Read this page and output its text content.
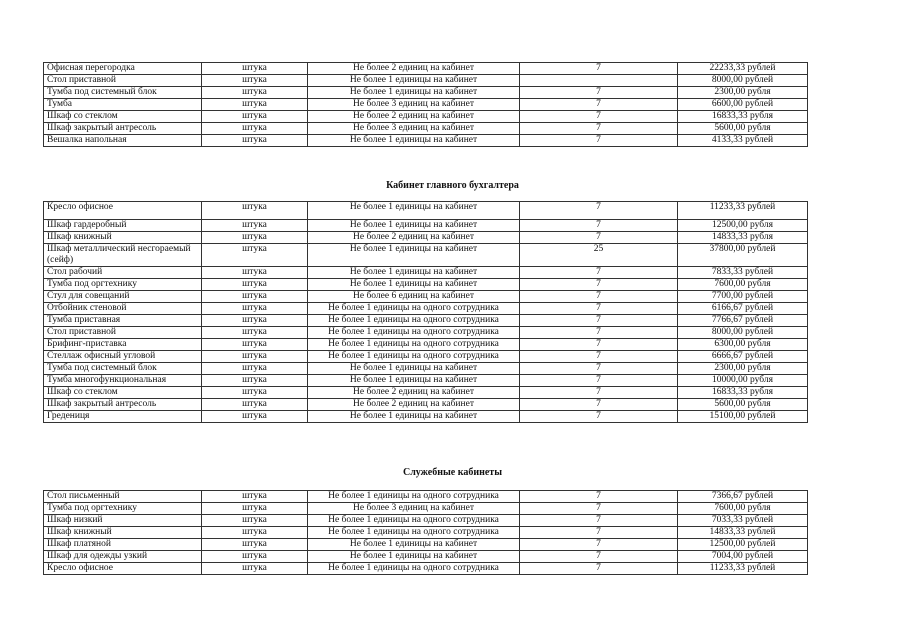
Офисная перегородка	штука	Не более 2 единиц на кабинет	7	22233,33 рублей
Стол приставной	штука	Не более 1 единицы на кабинет		8000,00 рублей
Тумба под системный блок	штука	Не более 1 единицы на кабинет	7	2300,00 рубля
Тумба	штука	Не более 3 единиц на кабинет	7	6600,00 рублей
Шкаф со стеклом	штука	Не более 2 единиц на кабинет	7	16833,33 рубля
Шкаф закрытый антресоль	штука	Не более 3 единиц на кабинет	7	5600,00 рубля
Вешалка напольная	штука	Не более 1 единицы на кабинет	7	4133,33 рублей
Кабинет главного бухгалтера
Кресло офисное	штука	Не более 1 единицы на кабинет	7	11233,33 рублей
Шкаф гардеробный	штука	Не более 1 единицы на кабинет	7	12500,00 рубля
Шкаф книжный	штука	Не более 2 единиц на кабинет	7	14833,33 рубля
Шкаф металлический несгораемый (сейф)	штука	Не более 1 единицы на кабинет	25	37800,00 рублей
Стол рабочий	штука	Не более 1 единицы на кабинет	7	7833,33 рублей
Тумба под оргтехнику	штука	Не более 1 единицы на кабинет	7	7600,00 рубля
Стул для совещаний	штука	Не более 6 единиц на кабинет	7	7700,00 рублей
Отбойник стеновой	штука	Не более 1 единицы на одного сотрудника	7	6166,67 рублей
Тумба приставная	штука	Не более 1 единицы на одного сотрудника	7	7766,67 рублей
Стол приставной	штука	Не более 1 единицы на одного сотрудника	7	8000,00 рублей
Брифинг-приставка	штука	Не более 1 единицы на одного сотрудника	7	6300,00 рубля
Стеллаж офисный угловой	штука	Не более 1 единицы на одного сотрудника	7	6666,67 рублей
Тумба под системный блок	штука	Не более 1 единицы на кабинет	7	2300,00 рубля
Тумба многофункциональная	штука	Не более 1 единицы на кабинет	7	10000,00 рубля
Шкаф со стеклом	штука	Не более 2 единиц на кабинет	7	16833,33 рубля
Шкаф закрытый антресоль	штука	Не более 2 единиц на кабинет	7	5600,00 рубля
Гредениця	штука	Не более 1 единицы на кабинет	7	15100,00 рублей
Служебные кабинеты
Стол письменный	штука	Не более 1 единицы на одного сотрудника	7	7366,67 рублей
Тумба под оргтехнику	штука	Не более 3 единиц на кабинет	7	7600,00 рубля
Шкаф низкий	штука	Не более 1 единицы на одного сотрудника	7	7033,33 рублей
Шкаф книжный	штука	Не более 1 единицы на одного сотрудника	7	14833,33 рублей
Шкаф платяной	штука	Не более 1 единицы на кабинет	7	12500,00 рублей
Шкаф для одежды узкий	штука	Не более 1 единицы на кабинет	7	7004,00 рублей
Кресло офисное	штука	Не более 1 единицы на одного сотрудника	7	11233,33 рублей
